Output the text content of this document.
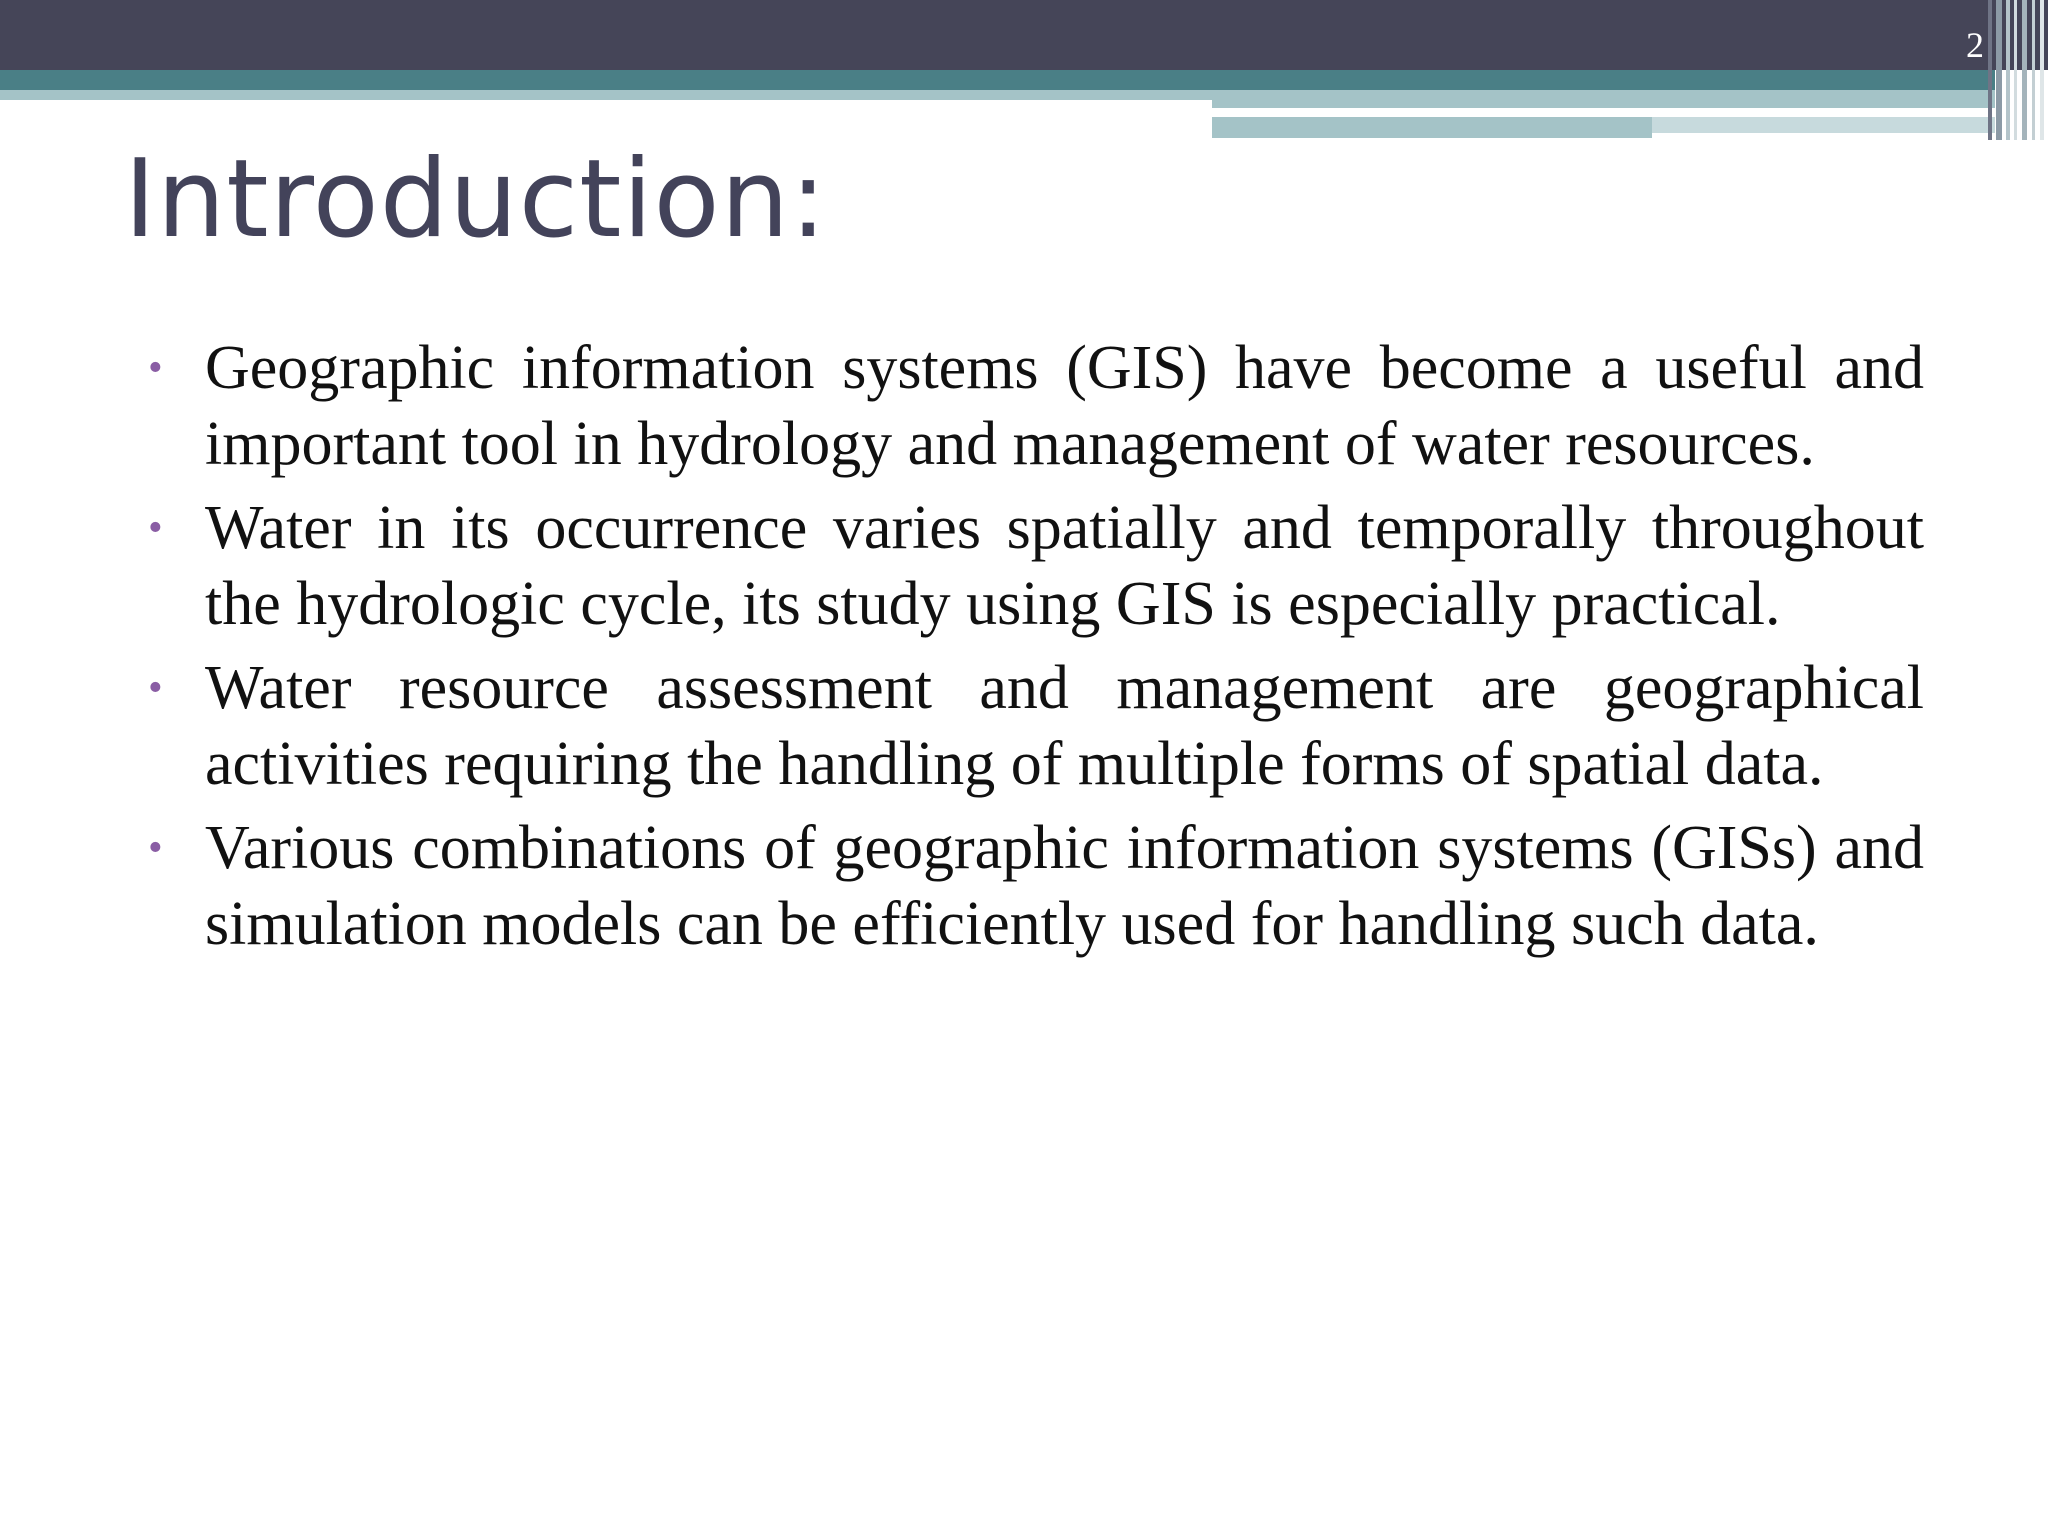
2
Introduction:
• Geographic information systems (GIS) have become a useful and important tool in hydrology and management of water resources.
• Water in its occurrence varies spatially and temporally throughout the hydrologic cycle, its study using GIS is especially practical.
• Water resource assessment and management are geographical activities requiring the handling of multiple forms of spatial data.
• Various combinations of geographic information systems (GISs) and simulation models can be efficiently used for handling such data.
